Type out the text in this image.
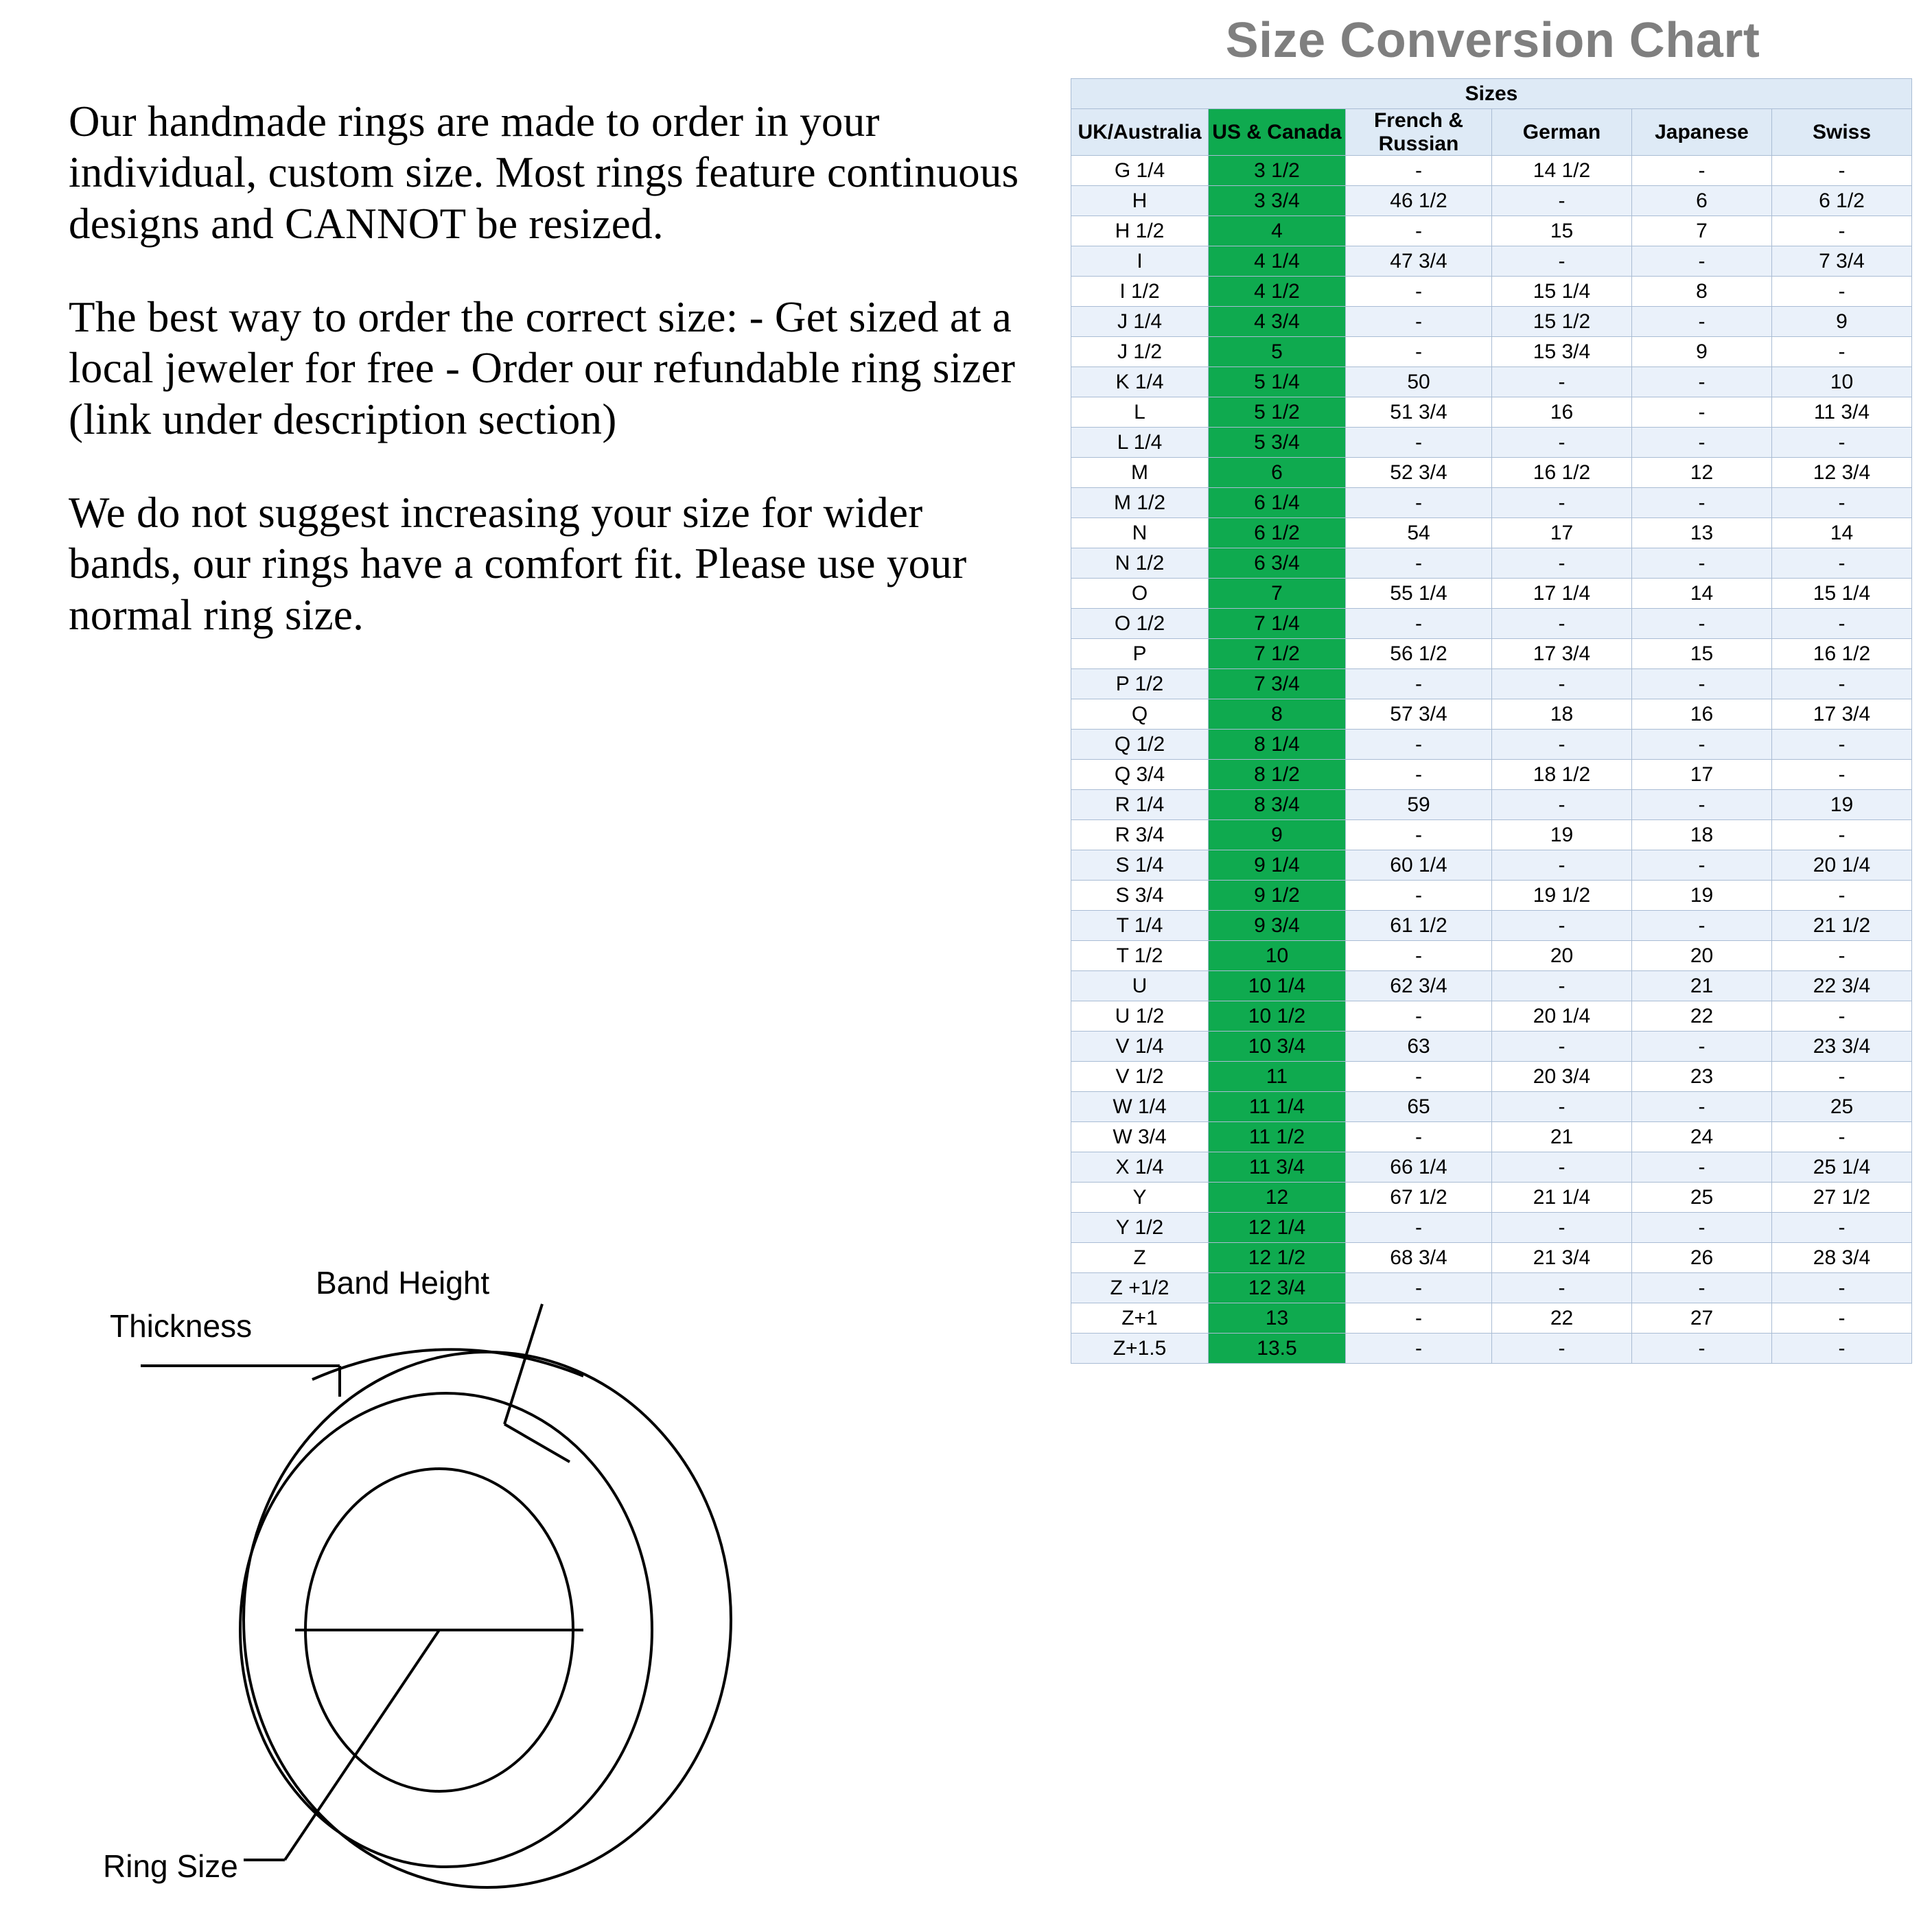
Our handmade rings are made to order in your individual, custom size. Most rings feature continuous designs and CANNOT be resized.

The best way to order the correct size: - Get sized at a local jeweler for free - Order our refundable ring sizer (link under description section)

We do not suggest increasing your size for wider bands, our rings have a comfort fit. Please use your normal ring size.

Thickness
Band Height
Ring Size
Size Conversion Chart
Sizes					
UK/Australia	US & Canada	French & Russian	German	Japanese	Swiss
G 1/4	3 1/2	-	14 1/2	-	-
H	3 3/4	46 1/2	-	6	6 1/2
H 1/2	4	-	15	7	-
I	4 1/4	47 3/4	-	-	7 3/4
I 1/2	4 1/2	-	15 1/4	8	-
J 1/4	4 3/4	-	15 1/2	-	9
J 1/2	5	-	15 3/4	9	-
K 1/4	5 1/4	50	-	-	10
L	5 1/2	51 3/4	16	-	11 3/4
L 1/4	5 3/4	-	-	-	-
M	6	52 3/4	16 1/2	12	12 3/4
M 1/2	6 1/4	-	-	-	-
N	6 1/2	54	17	13	14
N 1/2	6 3/4	-	-	-	-
O	7	55 1/4	17 1/4	14	15 1/4
O 1/2	7 1/4	-	-	-	-
P	7 1/2	56 1/2	17 3/4	15	16 1/2
P 1/2	7 3/4	-	-	-	-
Q	8	57 3/4	18	16	17 3/4
Q 1/2	8 1/4	-	-	-	-
Q 3/4	8 1/2	-	18 1/2	17	-
R 1/4	8 3/4	59	-	-	19
R 3/4	9	-	19	18	-
S 1/4	9 1/4	60 1/4	-	-	20 1/4
S 3/4	9 1/2	-	19 1/2	19	-
T 1/4	9 3/4	61 1/2	-	-	21 1/2
T 1/2	10	-	20	20	-
U	10 1/4	62 3/4	-	21	22 3/4
U 1/2	10 1/2	-	20 1/4	22	-
V 1/4	10 3/4	63	-	-	23 3/4
V 1/2	11	-	20 3/4	23	-
W 1/4	11 1/4	65	-	-	25
W 3/4	11 1/2	-	21	24	-
X 1/4	11 3/4	66 1/4	-	-	25 1/4
Y	12	67 1/2	21 1/4	25	27 1/2
Y 1/2	12 1/4	-	-	-	-
Z	12 1/2	68 3/4	21 3/4	26	28 3/4
Z +1/2	12 3/4	-	-	-	-
Z+1	13	-	22	27	-
Z+1.5	13.5	-	-	-	-
